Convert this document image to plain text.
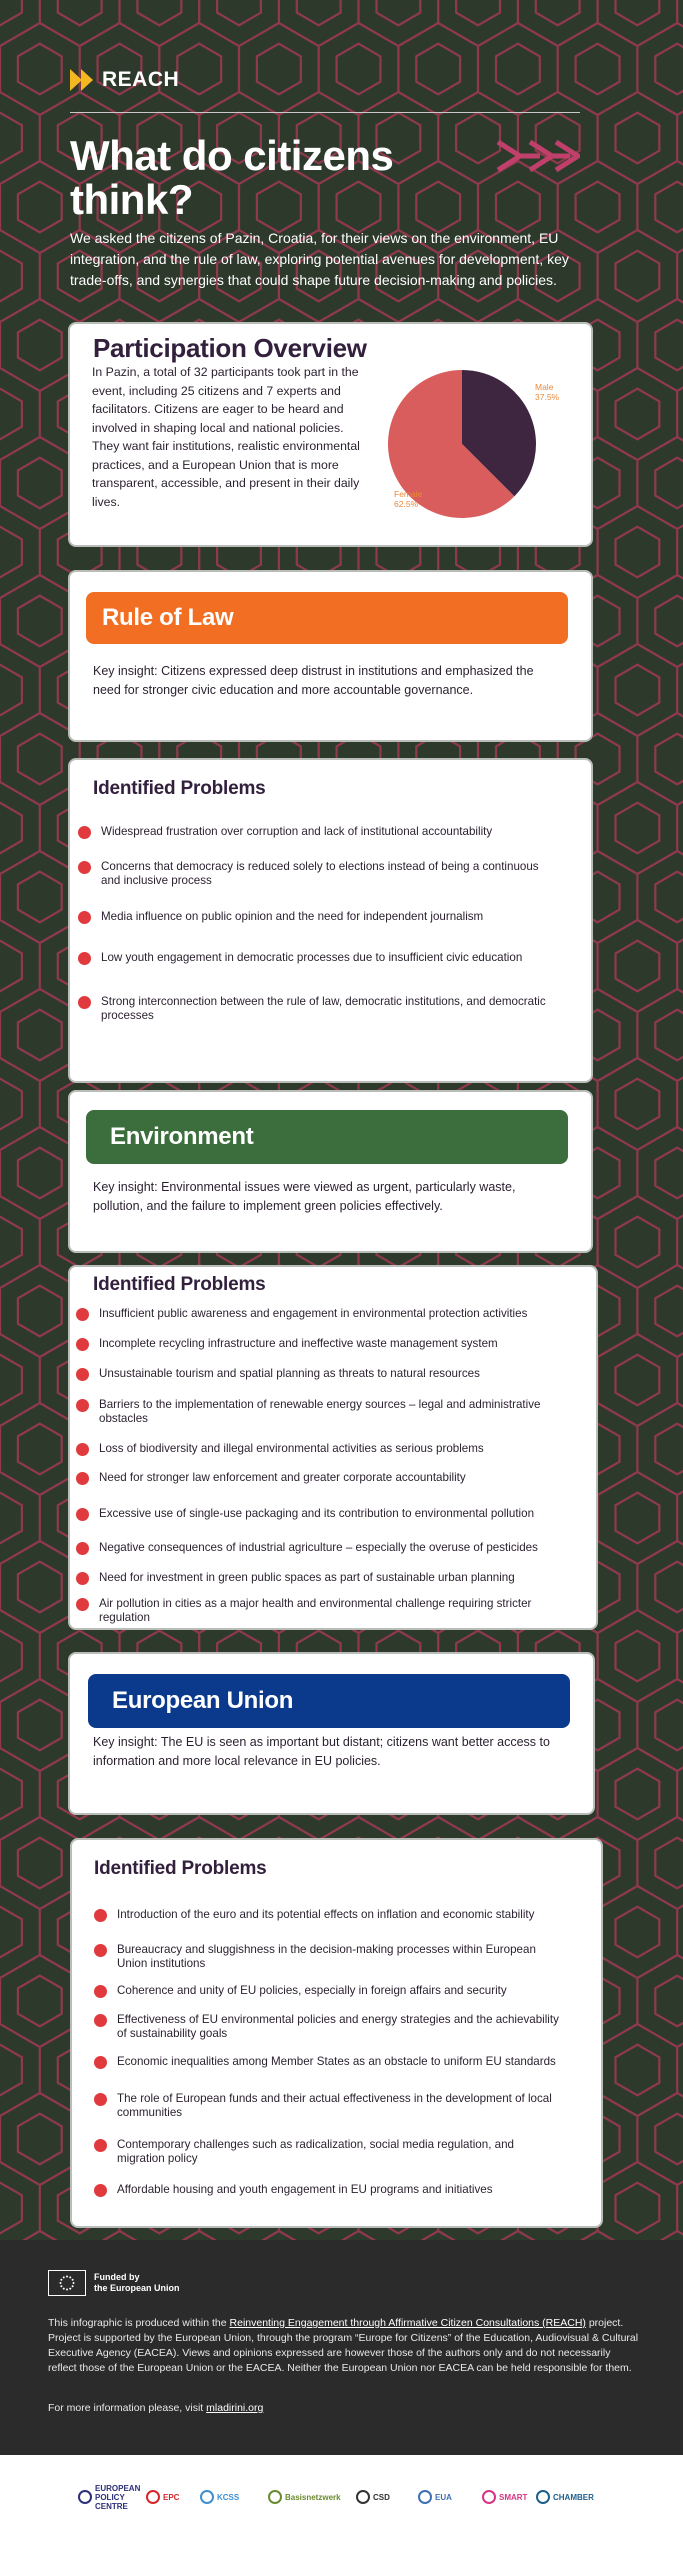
REACH
What do citizens think?
We asked the citizens of Pazin, Croatia, for their views on the environment, EU integration, and the rule of law, exploring potential avenues for development, key trade-offs, and synergies that could shape future decision-making and policies.
Participation Overview
In Pazin, a total of 32 participants took part in the event, including 25 citizens and 7 experts and facilitators. Citizens are eager to be heard and involved in shaping local and national policies. They want fair institutions, realistic environmental practices, and a European Union that is more transparent, accessible, and present in their daily lives.
Male
37.5%
Female
62.5%
Rule of Law
Key insight: Citizens expressed deep distrust in institutions and emphasized the need for stronger civic education and more accountable governance.
Identified Problems
Widespread frustration over corruption and lack of institutional accountability
Concerns that democracy is reduced solely to elections instead of being a continuous and inclusive process
Media influence on public opinion and the need for independent journalism
Low youth engagement in democratic processes due to insufficient civic education
Strong interconnection between the rule of law, democratic institutions, and democratic processes
Environment
Key insight: Environmental issues were viewed as urgent, particularly waste, pollution, and the failure to implement green policies effectively.
Identified Problems
Insufficient public awareness and engagement in environmental protection activities
Incomplete recycling infrastructure and ineffective waste management system
Unsustainable tourism and spatial planning as threats to natural resources
Barriers to the implementation of renewable energy sources – legal and administrative obstacles
Loss of biodiversity and illegal environmental activities as serious problems
Need for stronger law enforcement and greater corporate accountability
Excessive use of single-use packaging and its contribution to environmental pollution
Negative consequences of industrial agriculture – especially the overuse of pesticides
Need for investment in green public spaces as part of sustainable urban planning
Air pollution in cities as a major health and environmental challenge requiring stricter regulation
European Union
Key insight: The EU is seen as important but distant; citizens want better access to information and more local relevance in EU policies.
Identified Problems
Introduction of the euro and its potential effects on inflation and economic stability
Bureaucracy and sluggishness in the decision-making processes within European Union institutions
Coherence and unity of EU policies, especially in foreign affairs and security
Effectiveness of EU environmental policies and energy strategies and the achievability of sustainability goals
Economic inequalities among Member States as an obstacle to uniform EU standards
The role of European funds and their actual effectiveness in the development of local communities
Contemporary challenges such as radicalization, social media regulation, and migration policy
Affordable housing and youth engagement in EU programs and initiatives
Funded by
the European Union
This infographic is produced within the Reinventing Engagement through Affirmative Citizen Consultations (REACH) project. Project is supported by the European Union, through the program “Europe for Citizens” of the Education, Audiovisual & Cultural Executive Agency (EACEA). Views and opinions expressed are however those of the authors only and do not necessarily reflect those of the European Union or the EACEA. Neither the European Union nor EACEA can be held responsible for them.
For more information please, visit mladirini.org
EUROPEAN POLICY CENTRE
EPC	KCSS	Basisnetzwerk	CSD	EUA	SMART	CHAMBER
